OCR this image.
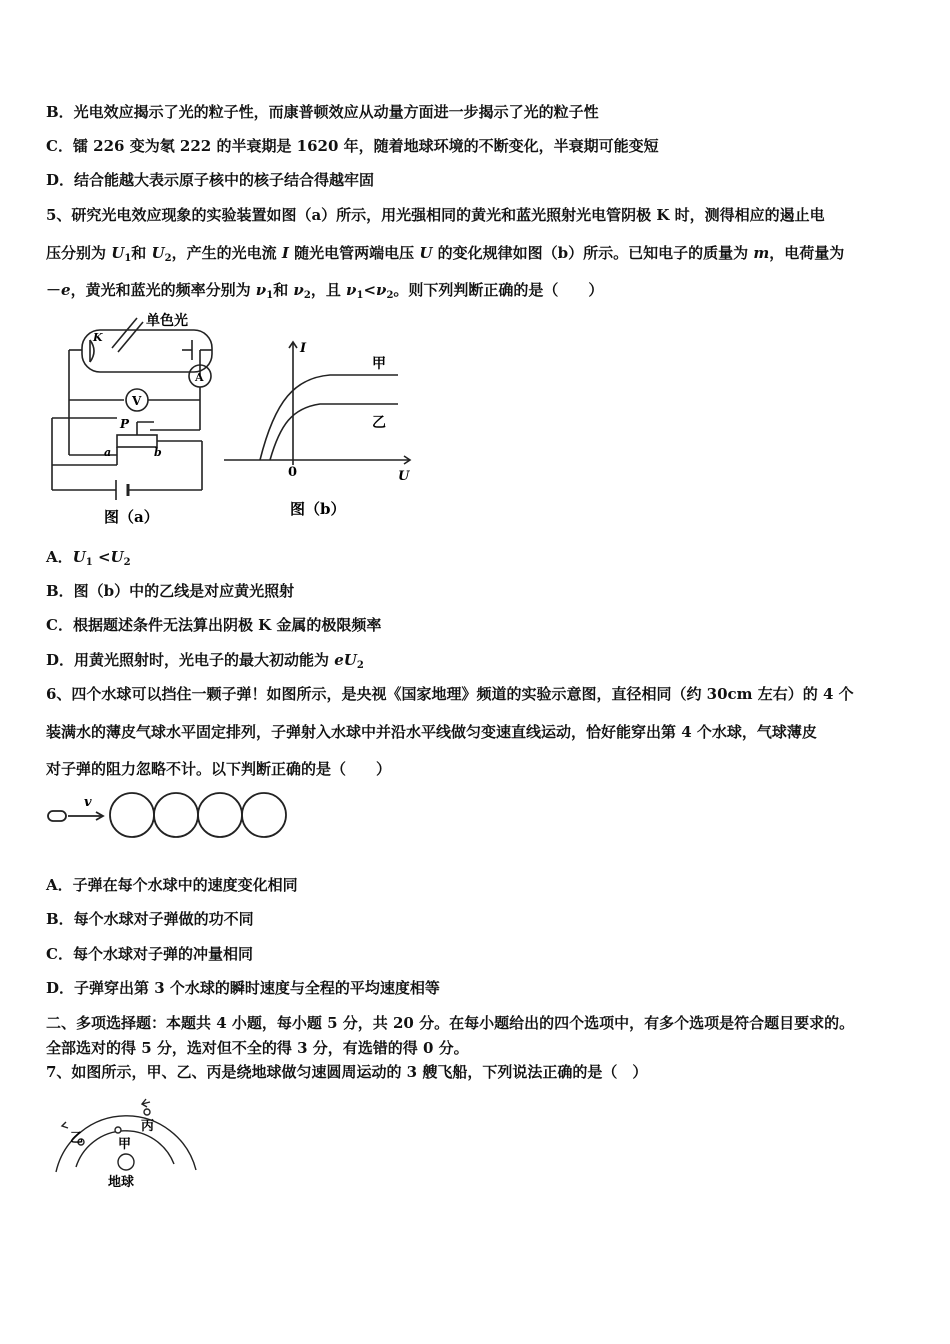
B．光电效应揭示了光的粒子性，而康普顿效应从动量方面进一步揭示了光的粒子性
C．镭 226 变为氡 222 的半衰期是 1620 年，随着地球环境的不断变化，半衰期可能变短
D．结合能越大表示原子核中的核子结合得越牢固
5、研究光电效应现象的实验装置如图（a）所示，用光强相同的黄光和蓝光照射光电管阴极 K 时，测得相应的遏止电
压分别为 $U_1$和 $U_2$，产生的光电流 I 随光电管两端电压 U 的变化规律如图（b）所示。已知电子的质量为 m，电荷量为
－e，黄光和蓝光的频率分别为 $\nu_1$和 $\nu_2$，且 $\nu_1<\nu_2$。则下列判断正确的是（　　）
单色光
K
V
A
P
a	b
图（a）
I
U
0
甲
乙
图（b）
A．$U_1 <U_2$
B．图（b）中的乙线是对应黄光照射
C．根据题述条件无法算出阴极 K 金属的极限频率
D．用黄光照射时，光电子的最大初动能为 $eU_2$
6、四个水球可以挡住一颗子弹！如图所示，是央视《国家地理》频道的实验示意图，直径相同（约 30cm 左右）的 4 个
装满水的薄皮气球水平固定排列，子弹射入水球中并沿水平线做匀变速直线运动，恰好能穿出第 4 个水球，气球薄皮
对子弹的阻力忽略不计。以下判断正确的是（　　）
v
A．子弹在每个水球中的速度变化相同
B．每个水球对子弹做的功不同
C．每个水球对子弹的冲量相同
D．子弹穿出第 3 个水球的瞬时速度与全程的平均速度相等
二、多项选择题：本题共 4 小题，每小题 5 分，共 20 分。在每小题给出的四个选项中，有多个选项是符合题目要求的。
全部选对的得 5 分，选对但不全的得 3 分，有选错的得 0 分。
7、如图所示，甲、乙、丙是绕地球做匀速圆周运动的 3 艘飞船，下列说法正确的是（　）
丙
甲
乙
地球
